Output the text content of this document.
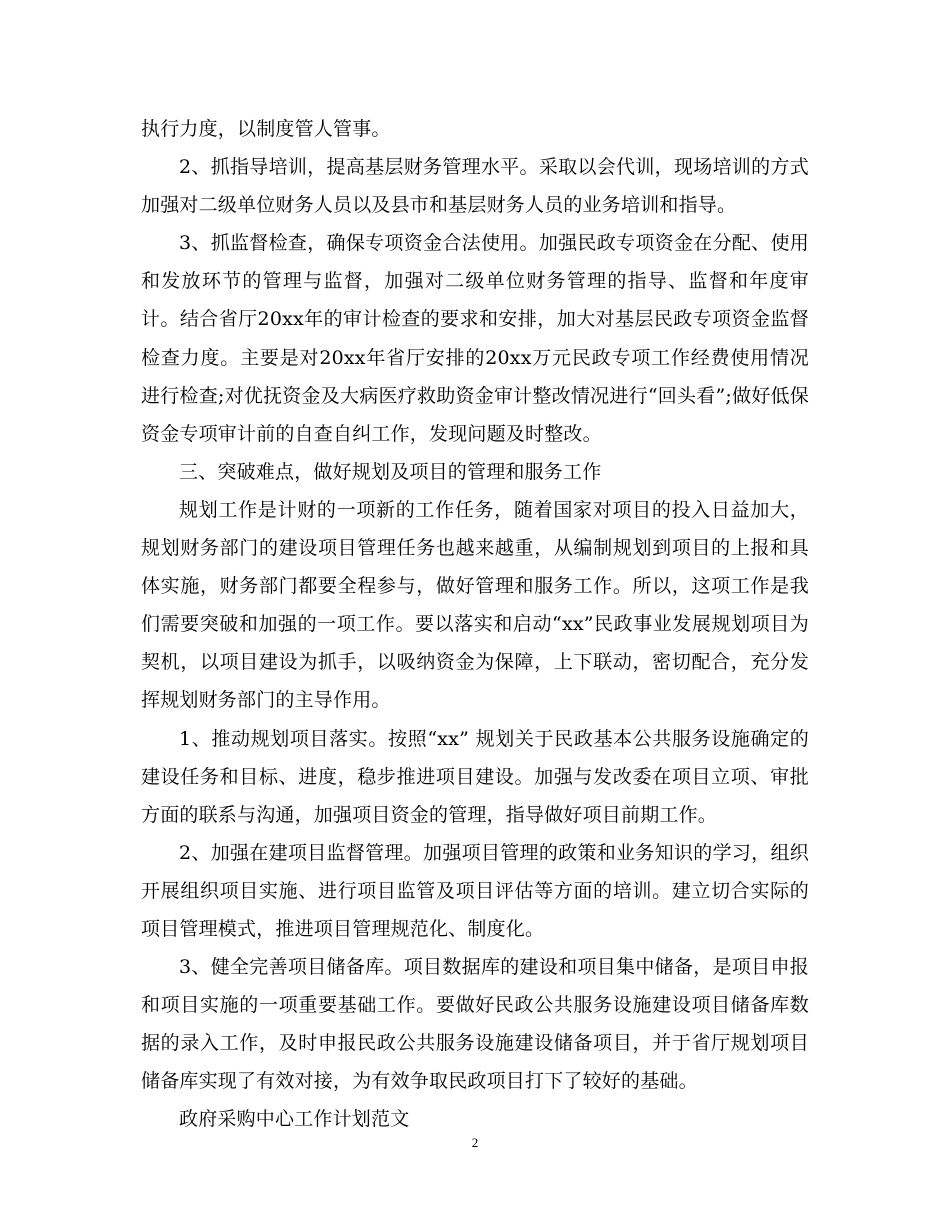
执行力度，以制度管人管事。

2、抓指导培训，提高基层财务管理水平。采取以会代训，现场培训的方式加强对二级单位财务人员以及县市和基层财务人员的业务培训和指导。

3、抓监督检查，确保专项资金合法使用。加强民政专项资金在分配、使用和发放环节的管理与监督，加强对二级单位财务管理的指导、监督和年度审计。结合省厅20xx年的审计检查的要求和安排，加大对基层民政专项资金监督检查力度。主要是对20xx年省厅安排的20xx万元民政专项工作经费使用情况进行检查;对优抚资金及大病医疗救助资金审计整改情况进行“回头看”;做好低保资金专项审计前的自查自纠工作，发现问题及时整改。

三、突破难点，做好规划及项目的管理和服务工作

规划工作是计财的一项新的工作任务，随着国家对项目的投入日益加大，规划财务部门的建设项目管理任务也越来越重，从编制规划到项目的上报和具体实施，财务部门都要全程参与，做好管理和服务工作。所以，这项工作是我们需要突破和加强的一项工作。要以落实和启动“xx”民政事业发展规划项目为契机，以项目建设为抓手，以吸纳资金为保障，上下联动，密切配合，充分发挥规划财务部门的主导作用。

1、推动规划项目落实。按照“xx” 规划关于民政基本公共服务设施确定的建设任务和目标、进度，稳步推进项目建设。加强与发改委在项目立项、审批方面的联系与沟通，加强项目资金的管理，指导做好项目前期工作。

2、加强在建项目监督管理。加强项目管理的政策和业务知识的学习，组织开展组织项目实施、进行项目监管及项目评估等方面的培训。建立切合实际的项目管理模式，推进项目管理规范化、制度化。

3、健全完善项目储备库。项目数据库的建设和项目集中储备，是项目申报和项目实施的一项重要基础工作。要做好民政公共服务设施建设项目储备库数据的录入工作，及时申报民政公共服务设施建设储备项目，并于省厅规划项目储备库实现了有效对接，为有效争取民政项目打下了较好的基础。

政府采购中心工作计划范文

2
